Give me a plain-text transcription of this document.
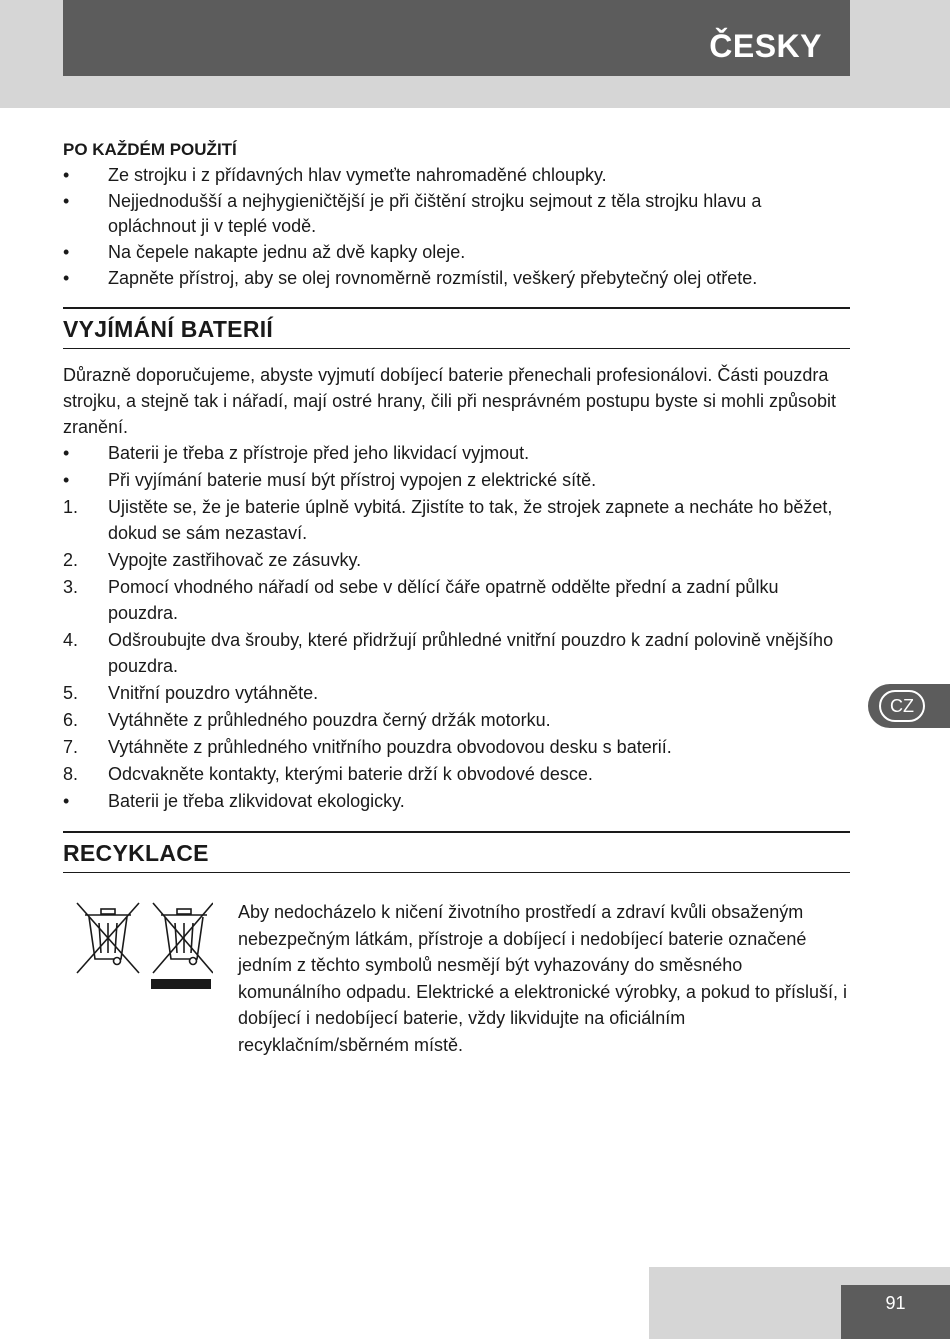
ČESKY
CZ
PO KAŽDÉM POUŽITÍ
•	Ze strojku i z přídavných hlav vymeťte nahromaděné chloupky.
•	Nejjednodušší a nejhygieničtější je při čištění strojku sejmout z těla strojku hlavu a opláchnout ji v teplé vodě.
•	Na čepele nakapte jednu až dvě kapky oleje.
•	Zapněte přístroj, aby se olej rovnoměrně rozmístil, veškerý přebytečný olej otřete.
VYJÍMÁNÍ BATERIÍ

Důrazně doporučujeme, abyste vyjmutí dobíjecí baterie přenechali profesionálovi. Části pouzdra strojku, a stejně tak i nářadí, mají ostré hrany, čili při nesprávném postupu byste si mohli způsobit zranění.

•	Baterii je třeba z přístroje před jeho likvidací vyjmout.
•	Při vyjímání baterie musí být přístroj vypojen z elektrické sítě.
1.	Ujistěte se, že je baterie úplně vybitá. Zjistíte to tak, že strojek zapnete a necháte ho běžet, dokud se sám nezastaví.
2.	Vypojte zastřihovač ze zásuvky.
3.	Pomocí vhodného nářadí od sebe v dělící čáře opatrně oddělte přední a zadní půlku pouzdra.
4.	Odšroubujte dva šrouby, které přidržují průhledné vnitřní pouzdro k zadní polovině vnějšího pouzdra.
5.	Vnitřní pouzdro vytáhněte.
6.	Vytáhněte z průhledného pouzdra černý držák motorku.
7.	Vytáhněte z průhledného vnitřního pouzdra obvodovou desku s baterií.
8.	Odcvakněte kontakty, kterými baterie drží k obvodové desce.
•	Baterii je třeba zlikvidovat ekologicky.
RECYKLACE

Aby nedocházelo k ničení životního prostředí a zdraví kvůli obsaženým nebezpečným látkám, přístroje a dobíjecí i nedobíjecí baterie označené jedním z těchto symbolů nesmějí být vyhazovány do směsného komunálního odpadu. Elektrické a elektronické výrobky, a pokud to přísluší, i dobíjecí i nedobíjecí baterie, vždy likvidujte na oficiálním recyklačním/sběrném místě.

91
